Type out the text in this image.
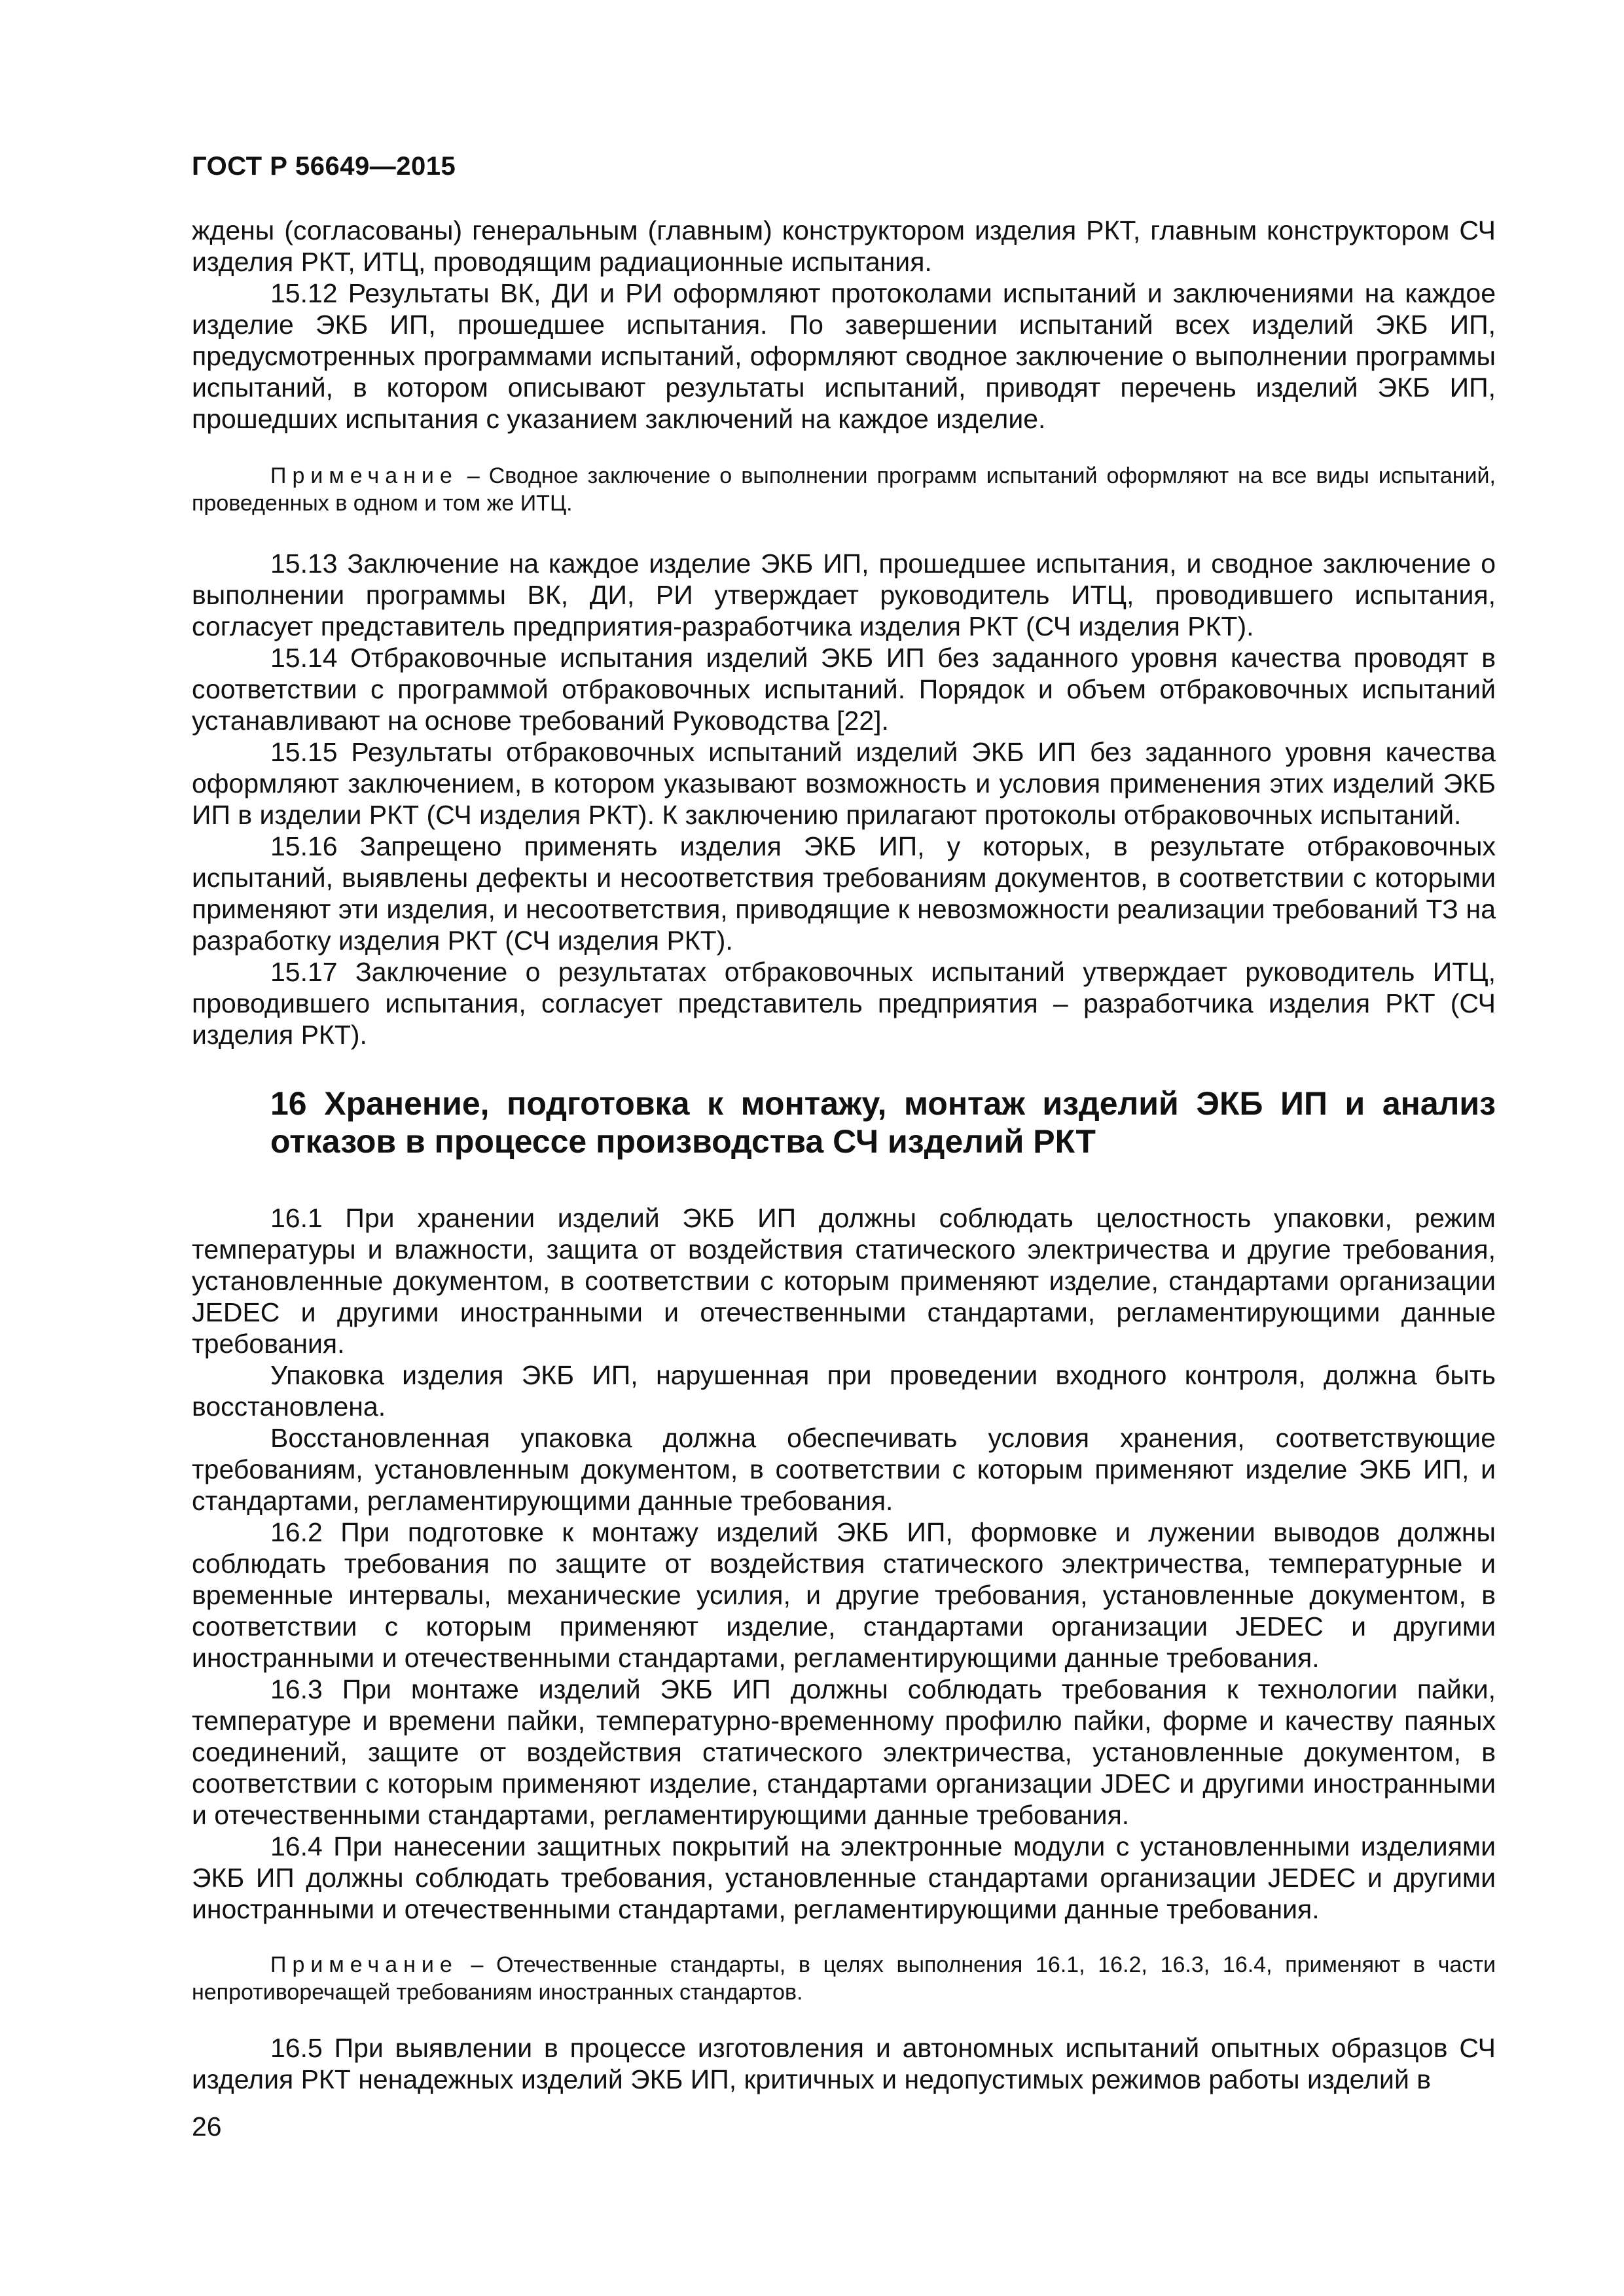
ГОСТ Р 56649—2015

ждены (согласованы) генеральным (главным) конструктором изделия РКТ, главным конструктором СЧ изделия РКТ, ИТЦ, проводящим радиационные испытания.

15.12 Результаты ВК, ДИ и РИ оформляют протоколами испытаний и заключениями на каждое изделие ЭКБ ИП, прошедшее испытания. По завершении испытаний всех изделий ЭКБ ИП, предусмотренных программами испытаний, оформляют сводное заключение о выполнении программы испытаний, в котором описывают результаты испытаний, приводят перечень изделий ЭКБ ИП, прошедших испытания с указанием заключений на каждое изделие.

Примечание – Сводное заключение о выполнении программ испытаний оформляют на все виды испытаний, проведенных в одном и том же ИТЦ.

15.13 Заключение на каждое изделие ЭКБ ИП, прошедшее испытания, и сводное заключение о выполнении программы ВК, ДИ, РИ утверждает руководитель ИТЦ, проводившего испытания, согласует представитель предприятия-разработчика изделия РКТ (СЧ изделия РКТ).

15.14 Отбраковочные испытания изделий ЭКБ ИП без заданного уровня качества проводят в соответствии с программой отбраковочных испытаний. Порядок и объем отбраковочных испытаний устанавливают на основе требований Руководства [22].

15.15 Результаты отбраковочных испытаний изделий ЭКБ ИП без заданного уровня качества оформляют заключением, в котором указывают возможность и условия применения этих изделий ЭКБ ИП в изделии РКТ (СЧ изделия РКТ). К заключению прилагают протоколы отбраковочных испытаний.

15.16 Запрещено применять изделия ЭКБ ИП, у которых, в результате отбраковочных испытаний, выявлены дефекты и несоответствия требованиям документов, в соответствии с которыми применяют эти изделия, и несоответствия, приводящие к невозможности реализации требований ТЗ на разработку изделия РКТ (СЧ изделия РКТ).

15.17 Заключение о результатах отбраковочных испытаний утверждает руководитель ИТЦ, проводившего испытания, согласует представитель предприятия – разработчика изделия РКТ (СЧ изделия РКТ).

16 Хранение, подготовка к монтажу, монтаж изделий ЭКБ ИП и анализ отказов в процессе производства СЧ изделий РКТ

16.1 При хранении изделий ЭКБ ИП должны соблюдать целостность упаковки, режим температуры и влажности, защита от воздействия статического электричества и другие требования, установленные документом, в соответствии с которым применяют изделие, стандартами организации JEDEC и другими иностранными и отечественными стандартами, регламентирующими данные требования.

Упаковка изделия ЭКБ ИП, нарушенная при проведении входного контроля, должна быть восстановлена.

Восстановленная упаковка должна обеспечивать условия хранения, соответствующие требованиям, установленным документом, в соответствии с которым применяют изделие ЭКБ ИП, и стандартами, регламентирующими данные требования.

16.2 При подготовке к монтажу изделий ЭКБ ИП, формовке и лужении выводов должны соблюдать требования по защите от воздействия статического электричества, температурные и временные интервалы, механические усилия, и другие требования, установленные документом, в соответствии с которым применяют изделие, стандартами организации JEDEC и другими иностранными и отечественными стандартами, регламентирующими данные требования.

16.3 При монтаже изделий ЭКБ ИП должны соблюдать требования к технологии пайки, температуре и времени пайки, температурно-временному профилю пайки, форме и качеству паяных соединений, защите от воздействия статического электричества, установленные документом, в соответствии с которым применяют изделие, стандартами организации JDEC и другими иностранными и отечественными стандартами, регламентирующими данные требования.

16.4 При нанесении защитных покрытий на электронные модули с установленными изделиями ЭКБ ИП должны соблюдать требования, установленные стандартами организации JEDEC и другими иностранными и отечественными стандартами, регламентирующими данные требования.

Примечание – Отечественные стандарты, в целях выполнения 16.1, 16.2, 16.3, 16.4, применяют в части непротиворечащей требованиям иностранных стандартов.

16.5 При выявлении в процессе изготовления и автономных испытаний опытных образцов СЧ изделия РКТ ненадежных изделий ЭКБ ИП, критичных и недопустимых режимов работы изделий в

26
